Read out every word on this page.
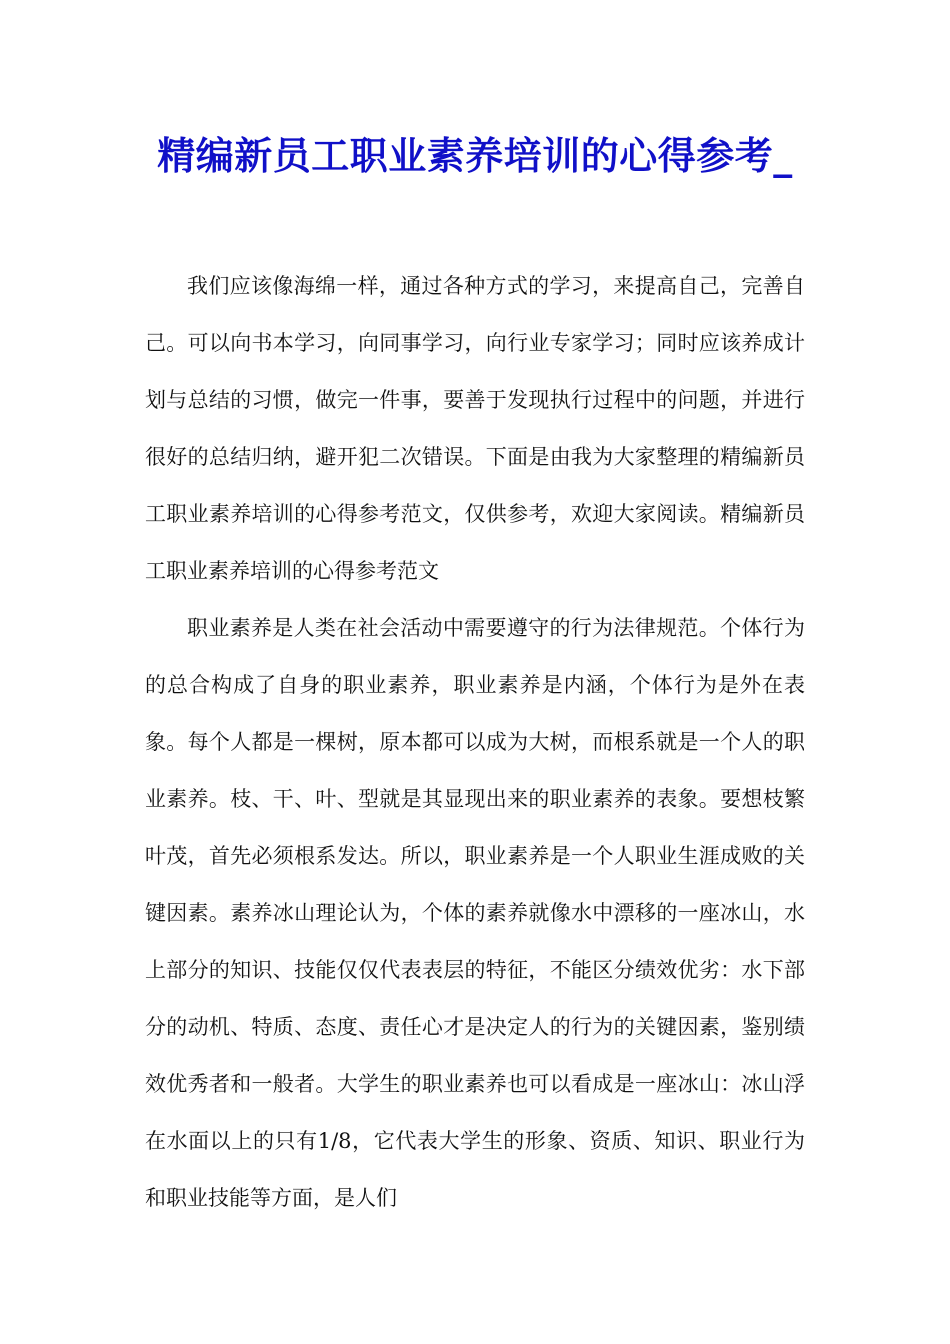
精编新员工职业素养培训的心得参考_

我们应该像海绵一样，通过各种方式的学习，来提高自己，完善自己。可以向书本学习，向同事学习，向行业专家学习；同时应该养成计划与总结的习惯，做完一件事，要善于发现执行过程中的问题，并进行很好的总结归纳，避开犯二次错误。下面是由我为大家整理的精编新员工职业素养培训的心得参考范文，仅供参考，欢迎大家阅读。精编新员工职业素养培训的心得参考范文

职业素养是人类在社会活动中需要遵守的行为法律规范。个体行为的总合构成了自身的职业素养，职业素养是内涵，个体行为是外在表象。每个人都是一棵树，原本都可以成为大树，而根系就是一个人的职业素养。枝、干、叶、型就是其显现出来的职业素养的表象。要想枝繁叶茂，首先必须根系发达。所以，职业素养是一个人职业生涯成败的关键因素。素养冰山理论认为，个体的素养就像水中漂移的一座冰山，水上部分的知识、技能仅仅代表表层的特征，不能区分绩效优劣：水下部分的动机、特质、态度、责任心才是决定人的行为的关键因素，鉴别绩效优秀者和一般者。大学生的职业素养也可以看成是一座冰山：冰山浮在水面以上的只有1/8，它代表大学生的形象、资质、知识、职业行为和职业技能等方面，是人们
